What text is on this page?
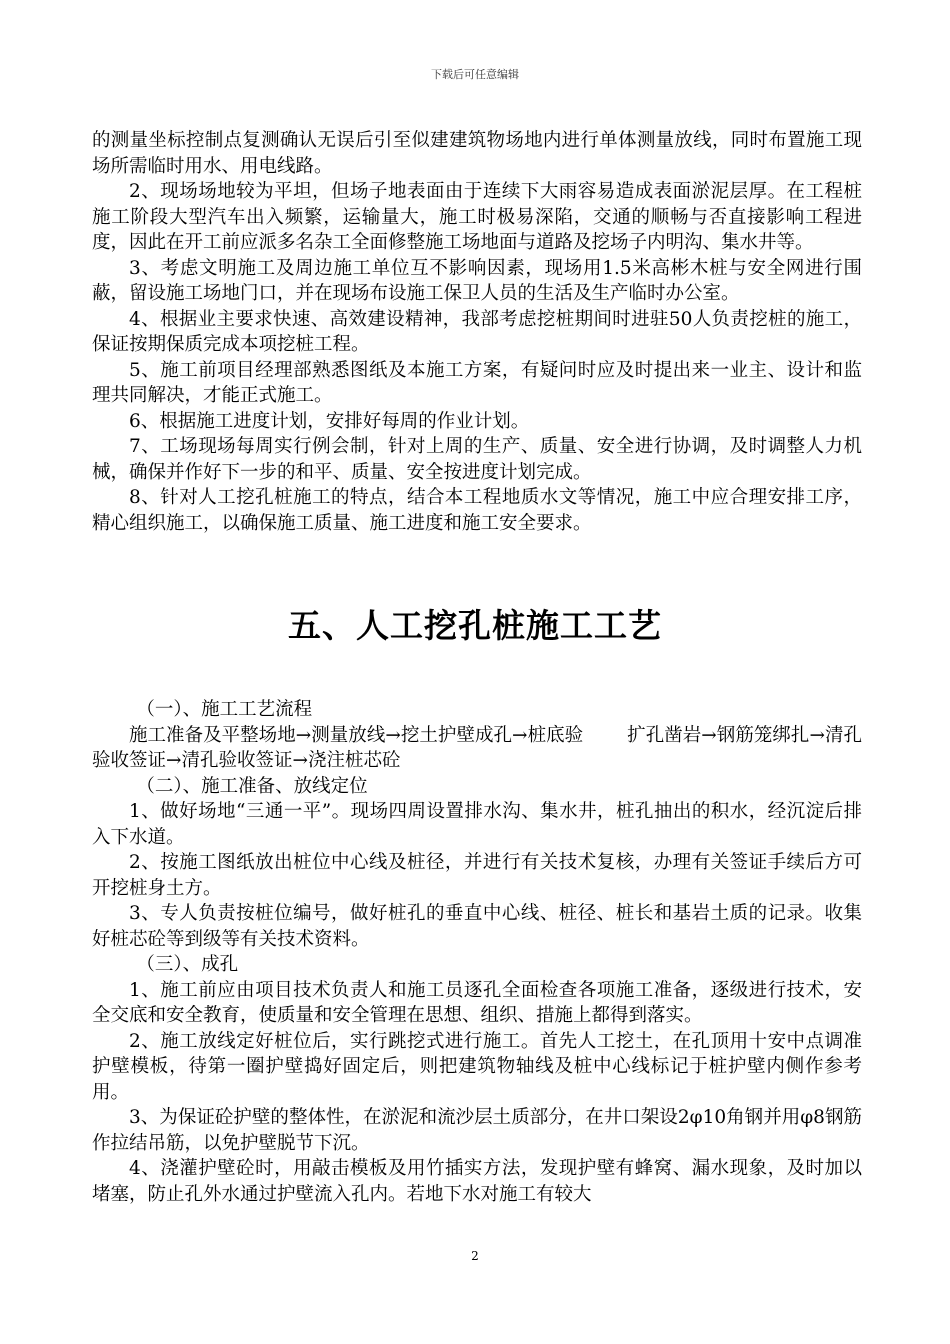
下载后可任意编辑

的测量坐标控制点复测确认无误后引至似建建筑物场地内进行单体测量放线，同时布置施工现场所需临时用水、用电线路。

2、现场场地较为平坦，但场子地表面由于连续下大雨容易造成表面淤泥层厚。在工程桩施工阶段大型汽车出入频繁，运输量大，施工时极易深陷，交通的顺畅与否直接影响工程进度，因此在开工前应派多名杂工全面修整施工场地面与道路及挖场子内明沟、集水井等。

3、考虑文明施工及周边施工单位互不影响因素，现场用1.5米高彬木桩与安全网进行围蔽，留设施工场地门口，并在现场布设施工保卫人员的生活及生产临时办公室。

4、根据业主要求快速、高效建设精神，我部考虑挖桩期间时进驻50人负责挖桩的施工，保证按期保质完成本项挖桩工程。

5、施工前项目经理部熟悉图纸及本施工方案，有疑问时应及时提出来一业主、设计和监理共同解决，才能正式施工。

6、根据施工进度计划，安排好每周的作业计划。

7、工场现场每周实行例会制，针对上周的生产、质量、安全进行协调，及时调整人力机械，确保并作好下一步的和平、质量、安全按进度计划完成。

8、针对人工挖孔桩施工的特点，结合本工程地质水文等情况，施工中应合理安排工序，精心组织施工，以确保施工质量、施工进度和施工安全要求。

五、人工挖孔桩施工工艺

（一）、施工工艺流程

施工准备及平整场地→测量放线→挖土护壁成孔→桩底验 扩孔凿岩→钢筋笼绑扎→清孔验收签证→清孔验收签证→浇注桩芯砼

（二）、施工准备、放线定位

1、做好场地“三通一平”。现场四周设置排水沟、集水井，桩孔抽出的积水，经沉淀后排入下水道。

2、按施工图纸放出桩位中心线及桩径，并进行有关技术复核，办理有关签证手续后方可开挖桩身土方。

3、专人负责按桩位编号，做好桩孔的垂直中心线、桩径、桩长和基岩土质的记录。收集好桩芯砼等到级等有关技术资料。

（三）、成孔

1、施工前应由项目技术负责人和施工员逐孔全面检查各项施工准备，逐级进行技术，安全交底和安全教育，使质量和安全管理在思想、组织、措施上都得到落实。

2、施工放线定好桩位后，实行跳挖式进行施工。首先人工挖土，在孔顶用十安中点调准护壁模板，待第一圈护壁捣好固定后，则把建筑物轴线及桩中心线标记于桩护壁内侧作参考用。

3、为保证砼护壁的整体性，在淤泥和流沙层土质部分，在井口架设2φ10角钢并用φ8钢筋作拉结吊筋，以免护壁脱节下沉。

4、浇灌护壁砼时，用敲击模板及用竹插实方法，发现护壁有蜂窝、漏水现象，及时加以堵塞，防止孔外水通过护壁流入孔内。若地下水对施工有较大

2
